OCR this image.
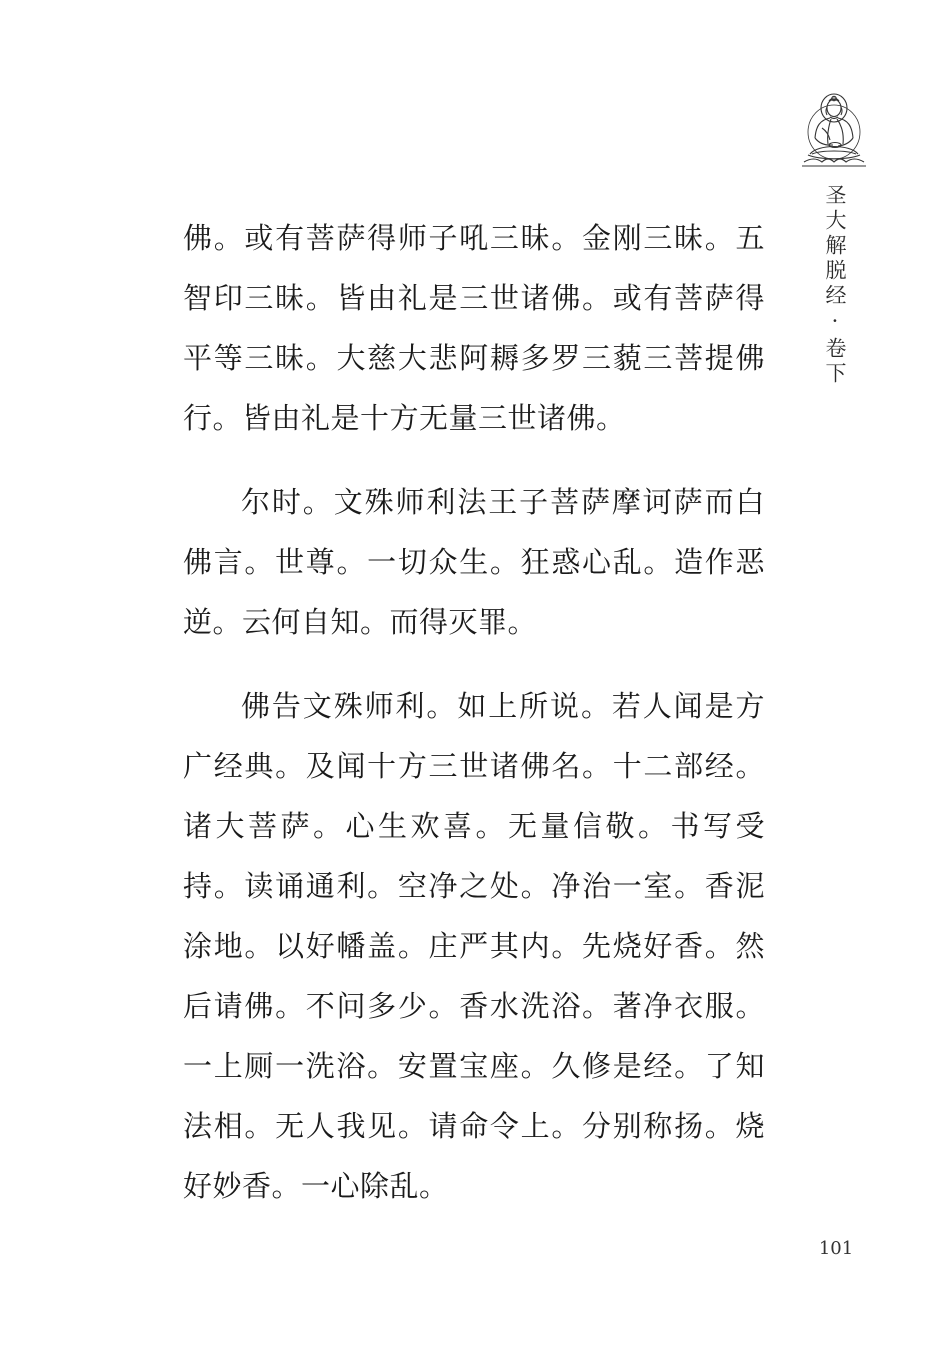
圣大解脱经·卷下

佛。或有菩萨得师子吼三昧。金刚三昧。五智印三昧。皆由礼是三世诸佛。或有菩萨得平等三昧。大慈大悲阿耨多罗三藐三菩提佛行。皆由礼是十方无量三世诸佛。

尔时。文殊师利法王子菩萨摩诃萨而白佛言。世尊。一切众生。狂惑心乱。造作恶逆。云何自知。而得灭罪。

佛告文殊师利。如上所说。若人闻是方广经典。及闻十方三世诸佛名。十二部经。诸大菩萨。心生欢喜。无量信敬。书写受持。读诵通利。空净之处。净治一室。香泥涂地。以好幡盖。庄严其内。先烧好香。然后请佛。不问多少。香水洗浴。著净衣服。一上厕一洗浴。安置宝座。久修是经。了知法相。无人我见。请命令上。分别称扬。烧好妙香。一心除乱。

101
